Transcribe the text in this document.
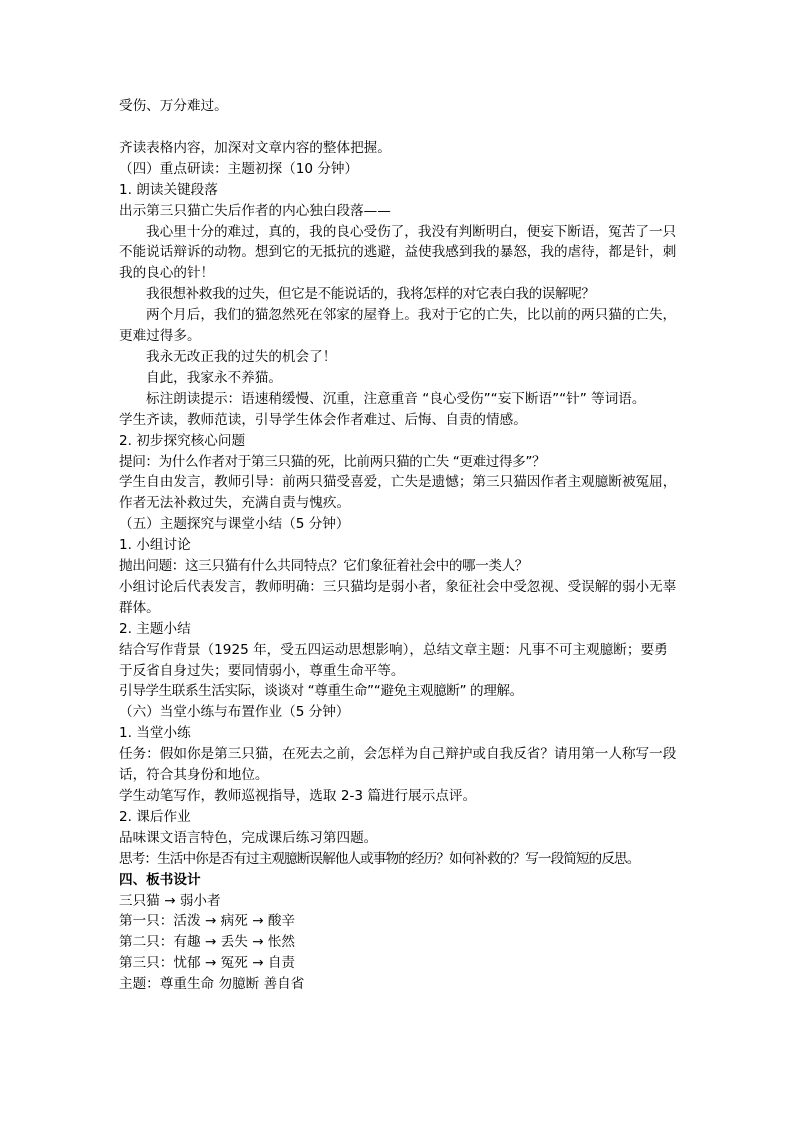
受伤、万分难过。

齐读表格内容，加深对文章内容的整体把握。

（四）重点研读：主题初探（10 分钟）

1. 朗读关键段落

出示第三只猫亡失后作者的内心独白段落——

我心里十分的难过，真的，我的良心受伤了，我没有判断明白，便妄下断语，冤苦了一只不能说话辩诉的动物。想到它的无抵抗的逃避，益使我感到我的暴怒，我的虐待，都是针，刺我的良心的针！

我很想补救我的过失，但它是不能说话的，我将怎样的对它表白我的误解呢？

两个月后，我们的猫忽然死在邻家的屋脊上。我对于它的亡失，比以前的两只猫的亡失，更难过得多。

我永无改正我的过失的机会了！

自此，我家永不养猫。

标注朗读提示：语速稍缓慢、沉重，注意重音 “良心受伤”“妄下断语”“针” 等词语。

学生齐读，教师范读，引导学生体会作者难过、后悔、自责的情感。

2. 初步探究核心问题

提问：为什么作者对于第三只猫的死，比前两只猫的亡失 “更难过得多”？

学生自由发言，教师引导：前两只猫受喜爱，亡失是遗憾；第三只猫因作者主观臆断被冤屈，作者无法补救过失，充满自责与愧疚。

（五）主题探究与课堂小结（5 分钟）

1. 小组讨论

抛出问题：这三只猫有什么共同特点？它们象征着社会中的哪一类人？

小组讨论后代表发言，教师明确：三只猫均是弱小者，象征社会中受忽视、受误解的弱小无辜群体。

2. 主题小结

结合写作背景（1925 年，受五四运动思想影响），总结文章主题：凡事不可主观臆断；要勇于反省自身过失；要同情弱小，尊重生命平等。

引导学生联系生活实际，谈谈对 “尊重生命”“避免主观臆断” 的理解。

（六）当堂小练与布置作业（5 分钟）

1. 当堂小练

任务：假如你是第三只猫，在死去之前，会怎样为自己辩护或自我反省？请用第一人称写一段话，符合其身份和地位。

学生动笔写作，教师巡视指导，选取 2-3 篇进行展示点评。

2. 课后作业

品味课文语言特色，完成课后练习第四题。

思考：生活中你是否有过主观臆断误解他人或事物的经历？如何补救的？写一段简短的反思。

四、板书设计

三只猫 → 弱小者

第一只：活泼 → 病死 → 酸辛

第二只：有趣 → 丢失 → 怅然

第三只：忧郁 → 冤死 → 自责

主题：尊重生命 勿臆断 善自省
